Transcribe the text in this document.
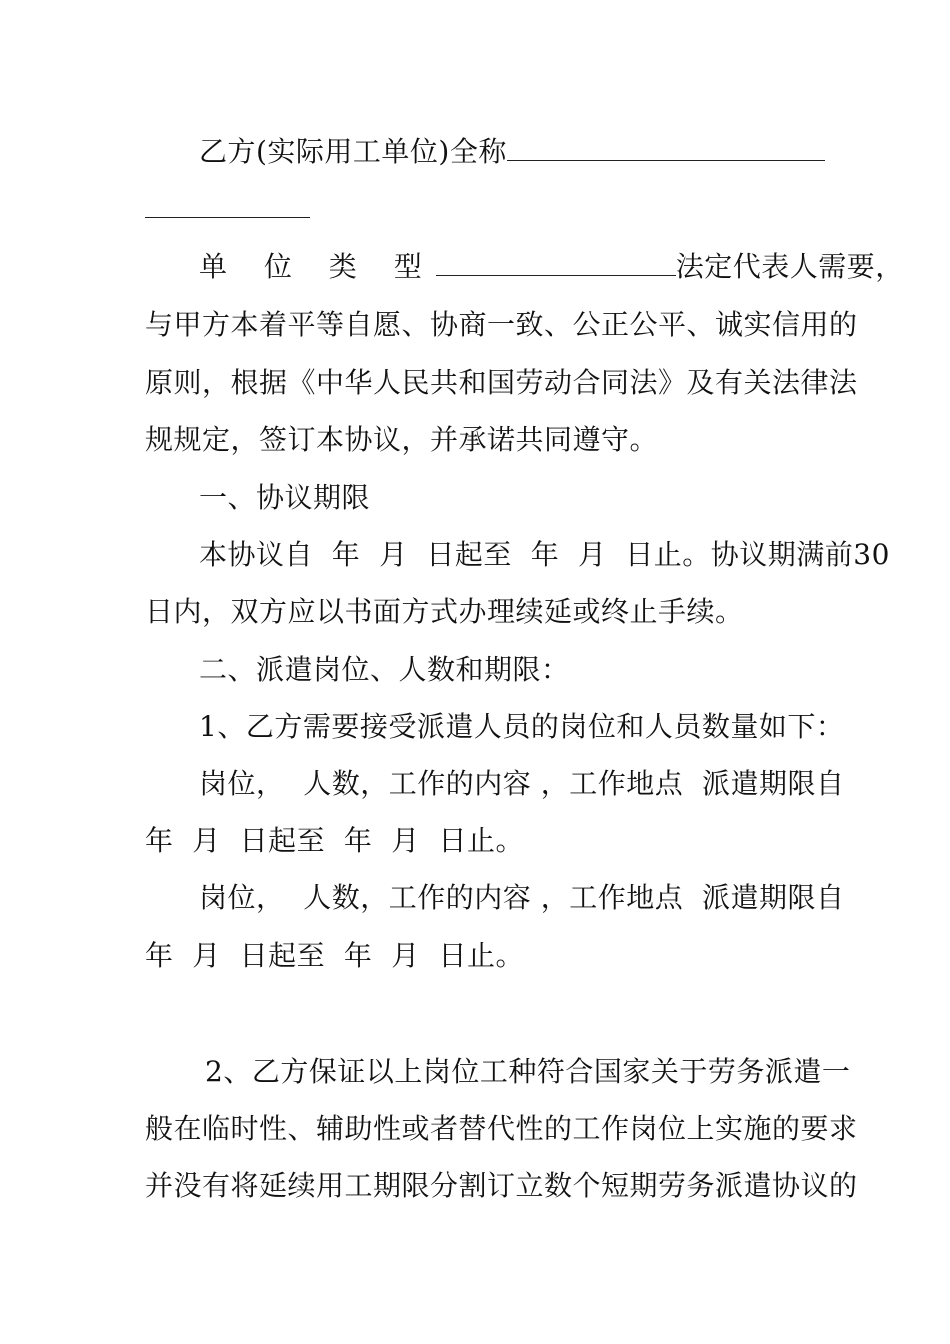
乙方(实际用工单位)全称
单 位 类 型	法定代表人需要，
与甲方本着平等自愿、协商一致、公正公平、诚实信用的
原则，根据《中华人民共和国劳动合同法》及有关法律法
规规定，签订本协议，并承诺共同遵守。
一、协议期限
本协议自  年  月  日起至  年  月  日止。协议期满前30
日内，双方应以书面方式办理续延或终止手续。
二、派遣岗位、人数和期限：
1、乙方需要接受派遣人员的岗位和人员数量如下：
岗位，  人数，工作的内容 ，工作地点  派遣期限自
年  月  日起至  年  月  日止。
岗位，  人数，工作的内容 ，工作地点  派遣期限自
年  月  日起至  年  月  日止。
2、乙方保证以上岗位工种符合国家关于劳务派遣一
般在临时性、辅助性或者替代性的工作岗位上实施的要求
并没有将延续用工期限分割订立数个短期劳务派遣协议的
